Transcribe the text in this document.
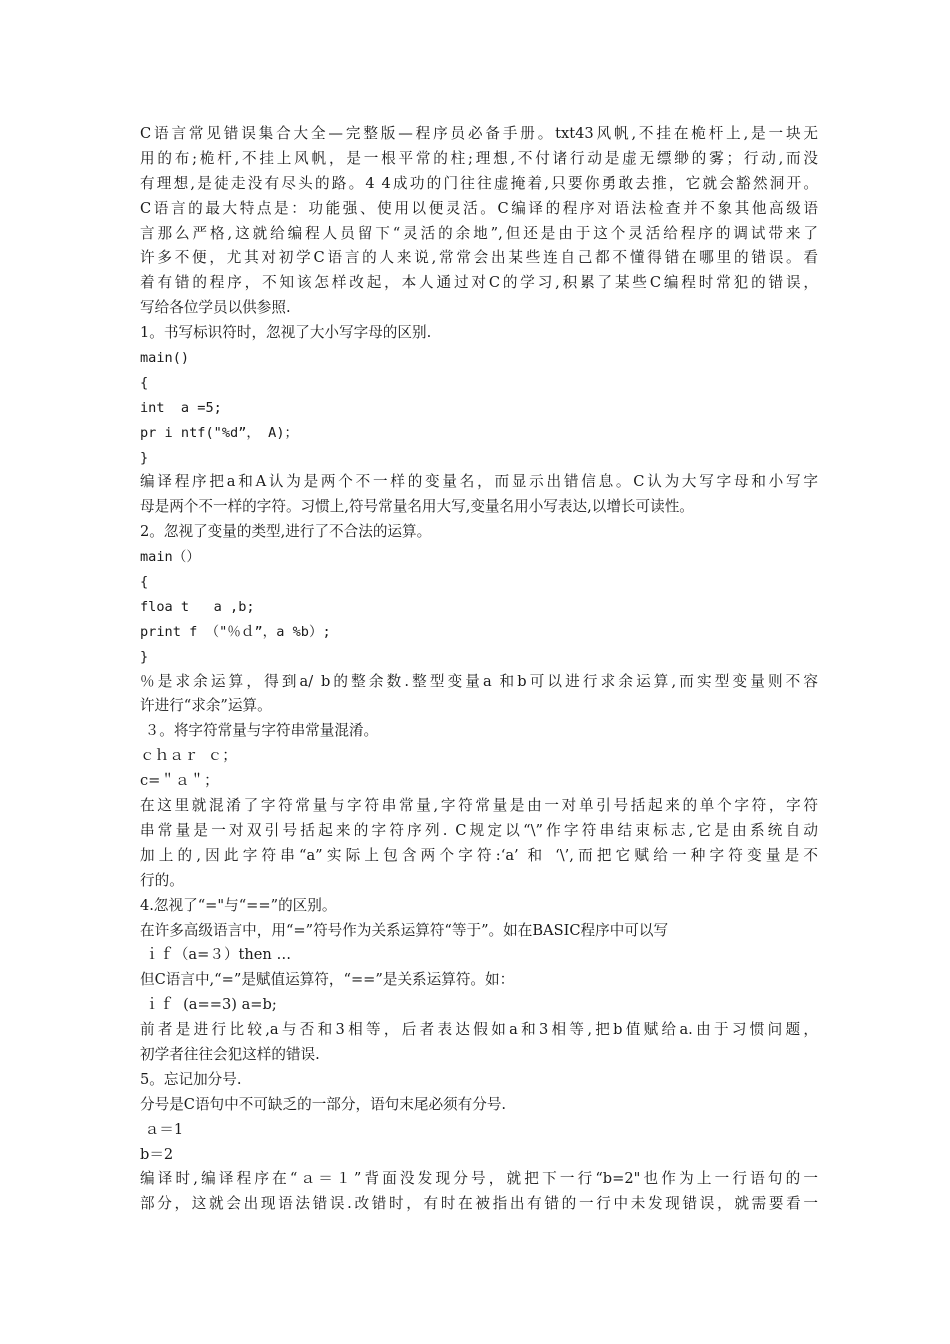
C语言常见错误集合大全—完整版—程序员必备手册。txt43风帆,不挂在桅杆上,是一块无
用的布;桅杆,不挂上风帆，是一根平常的柱;理想,不付诸行动是虚无缥缈的雾；行动,而没
有理想,是徒走没有尽头的路。4 4成功的门往往虚掩着,只要你勇敢去推，它就会豁然洞开。
C语言的最大特点是：功能强、使用以便灵活。C编译的程序对语法检查并不象其他高级语
言那么严格,这就给编程人员留下“灵活的余地”,但还是由于这个灵活给程序的调试带来了
许多不便，尤其对初学C语言的人来说,常常会出某些连自己都不懂得错在哪里的错误。看
着有错的程序，不知该怎样改起，本人通过对C的学习,积累了某些C编程时常犯的错误，
写给各位学员以供参照.
1。书写标识符时，忽视了大小写字母的区别.
main()
{
int  a =5;
pr i ntf("%d”， A)；
}
编译程序把a和A认为是两个不一样的变量名，而显示出错信息。C认为大写字母和小写字
母是两个不一样的字符。习惯上,符号常量名用大写,变量名用小写表达,以增长可读性。
2。忽视了变量的类型,进行了不合法的运算。
main（）
{
floa t   a ,b;
print f （"％ｄ”，a %b）;
}
％是求余运算，得到a/ b的整余数.整型变量a 和b可以进行求余运算,而实型变量则不容
许进行“求余”运算。
３。将字符常量与字符串常量混淆。
ｃｈａｒ  ｃ；
c=＂ａ＂；
在这里就混淆了字符常量与字符串常量,字符常量是由一对单引号括起来的单个字符，字符
串常量是一对双引号括起来的字符序列. C规定以“\”作字符串结束标志,它是由系统自动
加上的,因此字符串“a”实际上包含两个字符:‘a’ 和 ‘\’,而把它赋给一种字符变量是不
行的。
4.忽视了“="与“==”的区别。
在许多高级语言中，用“=”符号作为关系运算符“等于”。如在BASIC程序中可以写
ｉｆ（a=３）then …
但C语言中,“=”是赋值运算符，“==”是关系运算符。如：
ｉｆ  (a==3) a=b;
前者是进行比较,a与否和3相等，后者表达假如a和3相等,把b值赋给a.由于习惯问题，
初学者往往会犯这样的错误.
5。忘记加分号.
分号是C语句中不可缺乏的一部分，语句末尾必须有分号.
ａ＝1
b＝2
编译时,编译程序在“ａ＝１”背面没发现分号，就把下一行“b=2"也作为上一行语句的一
部分，这就会出现语法错误.改错时，有时在被指出有错的一行中未发现错误，就需要看一
